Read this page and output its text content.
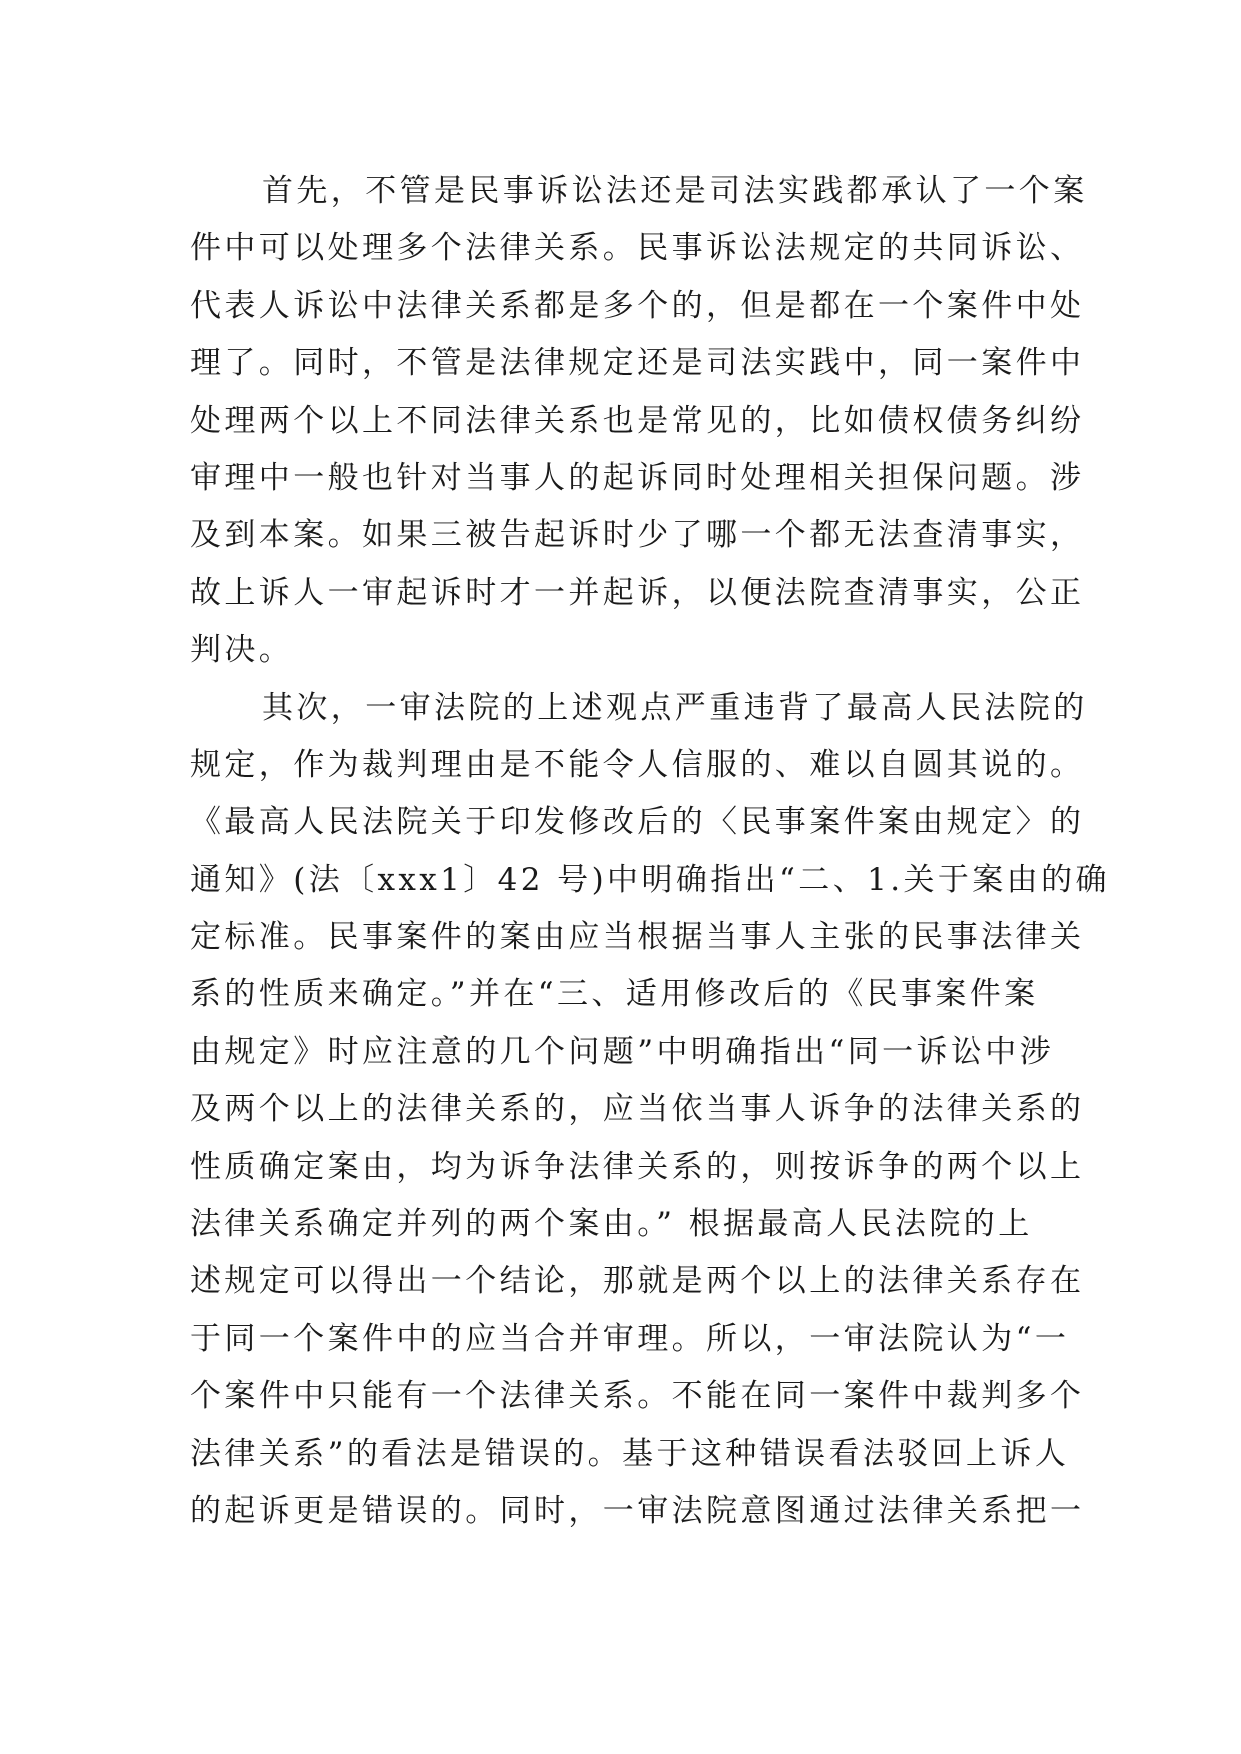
首先，不管是民事诉讼法还是司法实践都承认了一个案
件中可以处理多个法律关系。民事诉讼法规定的共同诉讼、
代表人诉讼中法律关系都是多个的，但是都在一个案件中处
理了。同时，不管是法律规定还是司法实践中，同一案件中
处理两个以上不同法律关系也是常见的，比如债权债务纠纷
审理中一般也针对当事人的起诉同时处理相关担保问题。涉
及到本案。如果三被告起诉时少了哪一个都无法查清事实，
故上诉人一审起诉时才一并起诉，以便法院查清事实，公正
判决。
其次，一审法院的上述观点严重违背了最高人民法院的
规定，作为裁判理由是不能令人信服的、难以自圆其说的。
《最高人民法院关于印发修改后的〈民事案件案由规定〉的
通知》(法〔xxx1〕42 号)中明确指出“二、1.关于案由的确
定标准。民事案件的案由应当根据当事人主张的民事法律关
系的性质来确定。”并在“三、适用修改后的《民事案件案
由规定》时应注意的几个问题”中明确指出“同一诉讼中涉
及两个以上的法律关系的，应当依当事人诉争的法律关系的
性质确定案由，均为诉争法律关系的，则按诉争的两个以上
法律关系确定并列的两个案由。” 根据最高人民法院的上
述规定可以得出一个结论，那就是两个以上的法律关系存在
于同一个案件中的应当合并审理。所以，一审法院认为“一
个案件中只能有一个法律关系。不能在同一案件中裁判多个
法律关系”的看法是错误的。基于这种错误看法驳回上诉人
的起诉更是错误的。同时，一审法院意图通过法律关系把一
